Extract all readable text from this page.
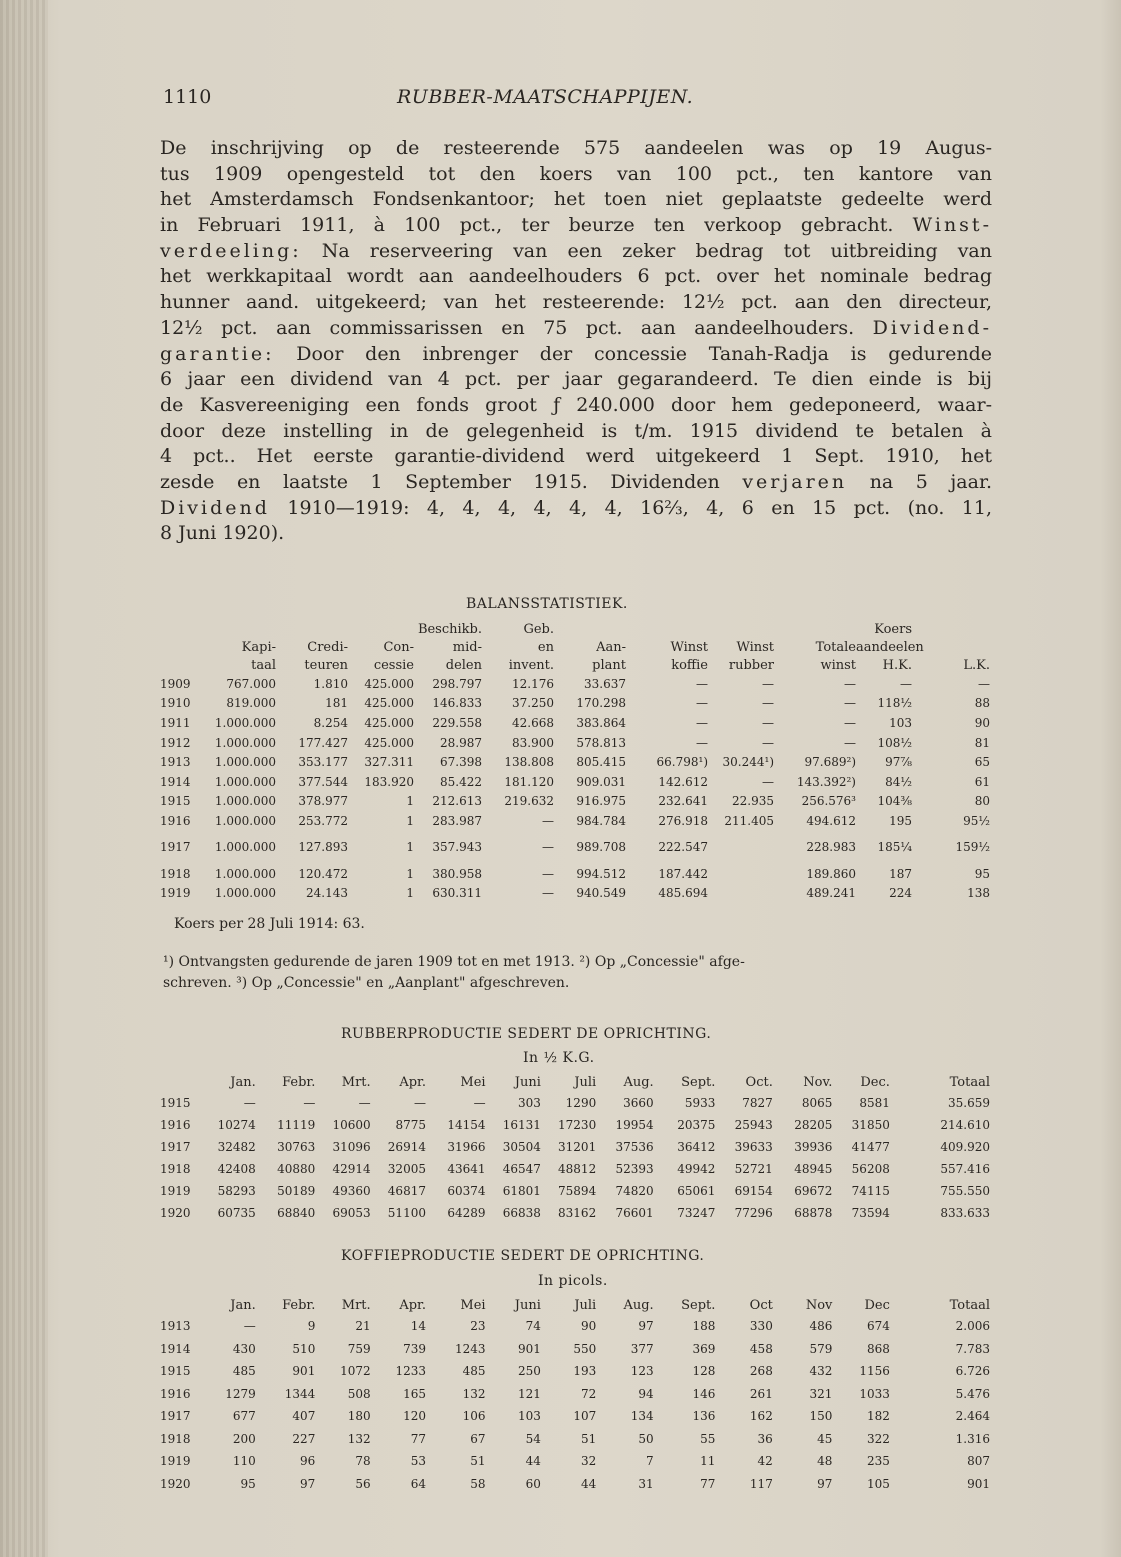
1110	RUBBER-MAATSCHAPPIJEN.
De inschrijving op de resteerende 575 aandeelen was op 19 Augus-
tus 1909 opengesteld tot den koers van 100 pct., ten kantore van
het Amsterdamsch Fondsenkantoor; het toen niet geplaatste gedeelte werd
in Februari 1911, à 100 pct., ter beurze ten verkoop gebracht. Winst-
verdeeling: Na reserveering van een zeker bedrag tot uitbreiding van
het werkkapitaal wordt aan aandeelhouders 6 pct. over het nominale bedrag
hunner aand. uitgekeerd; van het resteerende: 12½ pct. aan den directeur,
12½ pct. aan commissarissen en 75 pct. aan aandeelhouders. Dividend-
garantie: Door den inbrenger der concessie Tanah-Radja is gedurende
6 jaar een dividend van 4 pct. per jaar gegarandeerd. Te dien einde is bij
de Kasvereeniging een fonds groot ƒ 240.000 door hem gedeponeerd, waar-
door deze instelling in de gelegenheid is t/m. 1915 dividend te betalen à
4 pct.. Het eerste garantie-dividend werd uitgekeerd 1 Sept. 1910, het
zesde en laatste 1 September 1915. Dividenden verjaren na 5 jaar.
Dividend 1910—1919: 4, 4, 4, 4, 4, 4, 16⅔, 4, 6 en 15 pct. (no. 11,
8 Juni 1920).
BALANSSTATISTIEK.
				Beschikb.	Geb.					Koers	
	Kapi-	Credi-	Con-	mid-	en	Aan-	Winst	Winst	Totale	aandeelen	
	taal	teuren	cessie	delen	invent.	plant	koffie	rubber	winst	H.K.	L.K.
1909	767.000	1.810	425.000	298.797	12.176	33.637	—	—	—	—	—
1910	819.000	181	425.000	146.833	37.250	170.298	—	—	—	118½	88
1911	1.000.000	8.254	425.000	229.558	42.668	383.864	—	—	—	103	90
1912	1.000.000	177.427	425.000	28.987	83.900	578.813	—	—	—	108½	81
1913	1.000.000	353.177	327.311	67.398	138.808	805.415	66.798¹)	30.244¹)	97.689²)	97⅞	65
1914	1.000.000	377.544	183.920	85.422	181.120	909.031	142.612	—	143.392²)	84½	61
1915	1.000.000	378.977	1	212.613	219.632	916.975	232.641	22.935	256.576³	104⅜	80
1916	1.000.000	253.772	1	283.987	—	984.784	276.918	211.405	494.612	195	95½
1917	1.000.000	127.893	1	357.943	—	989.708	222.547		228.983	185¼	159½
1918	1.000.000	120.472	1	380.958	—	994.512	187.442		189.860	187	95
1919	1.000.000	24.143	1	630.311	—	940.549	485.694		489.241	224	138
Koers per 28 Juli 1914: 63.
¹) Ontvangsten gedurende de jaren 1909 tot en met 1913. ²) Op „Concessie" afge-
schreven. ³) Op „Concessie" en „Aanplant" afgeschreven.
RUBBERPRODUCTIE SEDERT DE OPRICHTING.
In ½ K.G.
	Jan.	Febr.	Mrt.	Apr.	Mei	Juni	Juli	Aug.	Sept.	Oct.	Nov.	Dec.	Totaal
1915	—	—	—	—	—	303	1290	3660	5933	7827	8065	8581	35.659
1916	10274	11119	10600	8775	14154	16131	17230	19954	20375	25943	28205	31850	214.610
1917	32482	30763	31096	26914	31966	30504	31201	37536	36412	39633	39936	41477	409.920
1918	42408	40880	42914	32005	43641	46547	48812	52393	49942	52721	48945	56208	557.416
1919	58293	50189	49360	46817	60374	61801	75894	74820	65061	69154	69672	74115	755.550
1920	60735	68840	69053	51100	64289	66838	83162	76601	73247	77296	68878	73594	833.633
KOFFIEPRODUCTIE SEDERT DE OPRICHTING.
In picols.
	Jan.	Febr.	Mrt.	Apr.	Mei	Juni	Juli	Aug.	Sept.	Oct	Nov	Dec	Totaal
1913	—	9	21	14	23	74	90	97	188	330	486	674	2.006
1914	430	510	759	739	1243	901	550	377	369	458	579	868	7.783
1915	485	901	1072	1233	485	250	193	123	128	268	432	1156	6.726
1916	1279	1344	508	165	132	121	72	94	146	261	321	1033	5.476
1917	677	407	180	120	106	103	107	134	136	162	150	182	2.464
1918	200	227	132	77	67	54	51	50	55	36	45	322	1.316
1919	110	96	78	53	51	44	32	7	11	42	48	235	807
1920	95	97	56	64	58	60	44	31	77	117	97	105	901
